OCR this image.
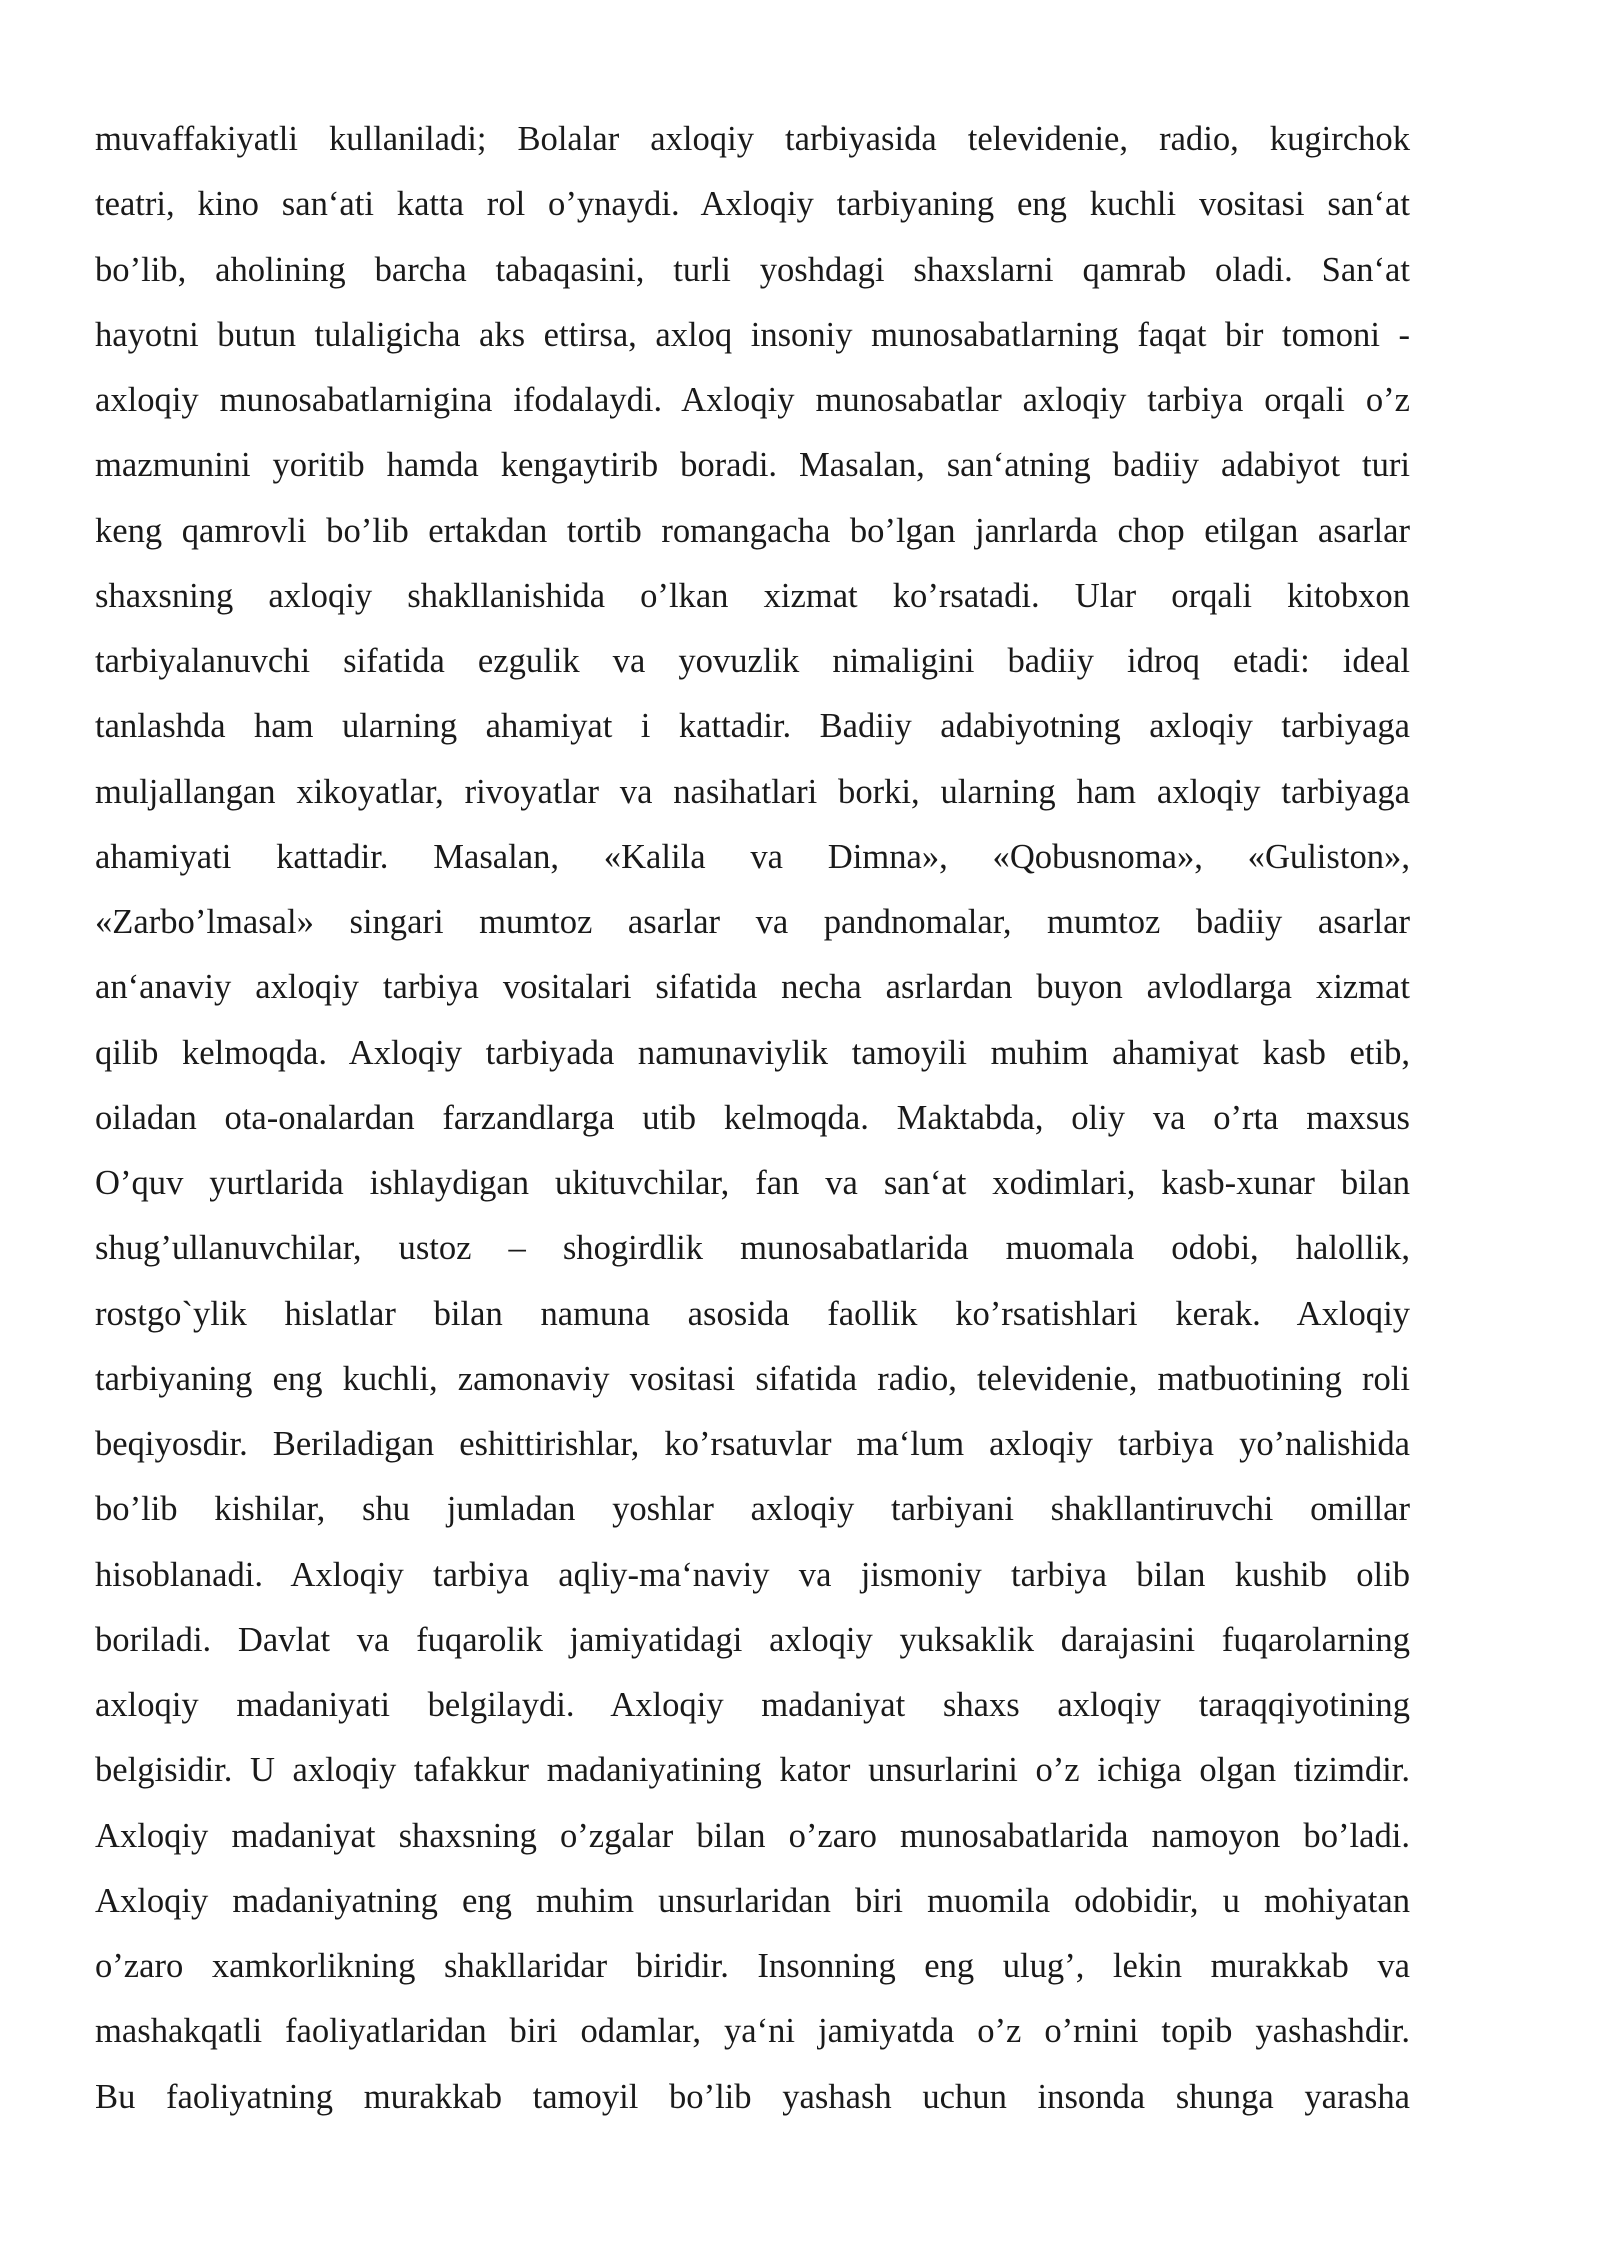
muvaffakiyatli kullaniladi; Bolalar axloqiy tarbiyasida televidenie, radio, kugirchok
teatri, kino san‘ati katta rol o’ynaydi. Axloqiy tarbiyaning eng kuchli vositasi san‘at
bo’lib, aholining barcha tabaqasini, turli yoshdagi shaxslarni qamrab oladi. San‘at
hayotni butun tulaligicha aks ettirsa, axloq insoniy munosabatlarning faqat bir tomoni -
axloqiy munosabatlarnigina ifodalaydi. Axloqiy munosabatlar axloqiy tarbiya orqali o’z
mazmunini yoritib hamda kengaytirib boradi. Masalan, san‘atning badiiy adabiyot turi
keng qamrovli bo’lib ertakdan tortib romangacha bo’lgan janrlarda chop etilgan asarlar
shaxsning axloqiy shakllanishida o’lkan xizmat ko’rsatadi. Ular orqali kitobxon
tarbiyalanuvchi sifatida ezgulik va yovuzlik nimaligini badiiy idroq etadi: ideal
tanlashda ham ularning ahamiyat i kattadir. Badiiy adabiyotning axloqiy tarbiyaga
muljallangan xikoyatlar, rivoyatlar va nasihatlari borki, ularning ham axloqiy tarbiyaga
ahamiyati kattadir. Masalan, «Kalila va Dimna», «Qobusnoma», «Guliston»,
«Zarbo’lmasal» singari mumtoz asarlar va pandnomalar, mumtoz badiiy asarlar
an‘anaviy axloqiy tarbiya vositalari sifatida necha asrlardan buyon avlodlarga xizmat
qilib kelmoqda. Axloqiy tarbiyada namunaviylik tamoyili muhim ahamiyat kasb etib,
oiladan ota-onalardan farzandlarga utib kelmoqda. Maktabda, oliy va o’rta maxsus
O’quv yurtlarida ishlaydigan ukituvchilar, fan va san‘at xodimlari, kasb-xunar bilan
shug’ullanuvchilar, ustoz – shogirdlik munosabatlarida muomala odobi, halollik,
rostgo`ylik hislatlar bilan namuna asosida faollik ko’rsatishlari kerak. Axloqiy
tarbiyaning eng kuchli, zamonaviy vositasi sifatida radio, televidenie, matbuotining roli
beqiyosdir. Beriladigan eshittirishlar, ko’rsatuvlar ma‘lum axloqiy tarbiya yo’nalishida
bo’lib kishilar, shu jumladan yoshlar axloqiy tarbiyani shakllantiruvchi omillar
hisoblanadi. Axloqiy tarbiya aqliy-ma‘naviy va jismoniy tarbiya bilan kushib olib
boriladi. Davlat va fuqarolik jamiyatidagi axloqiy yuksaklik darajasini fuqarolarning
axloqiy madaniyati belgilaydi. Axloqiy madaniyat shaxs axloqiy taraqqiyotining
belgisidir. U axloqiy tafakkur madaniyatining kator unsurlarini o’z ichiga olgan tizimdir.
Axloqiy madaniyat shaxsning o’zgalar bilan o’zaro munosabatlarida namoyon bo’ladi.
Axloqiy madaniyatning eng muhim unsurlaridan biri muomila odobidir, u mohiyatan
o’zaro xamkorlikning shakllaridar biridir. Insonning eng ulug’, lekin murakkab va
mashakqatli faoliyatlaridan biri odamlar, ya‘ni jamiyatda o’z o’rnini topib yashashdir.
Bu faoliyatning murakkab tamoyil bo’lib yashash uchun insonda shunga yarasha
